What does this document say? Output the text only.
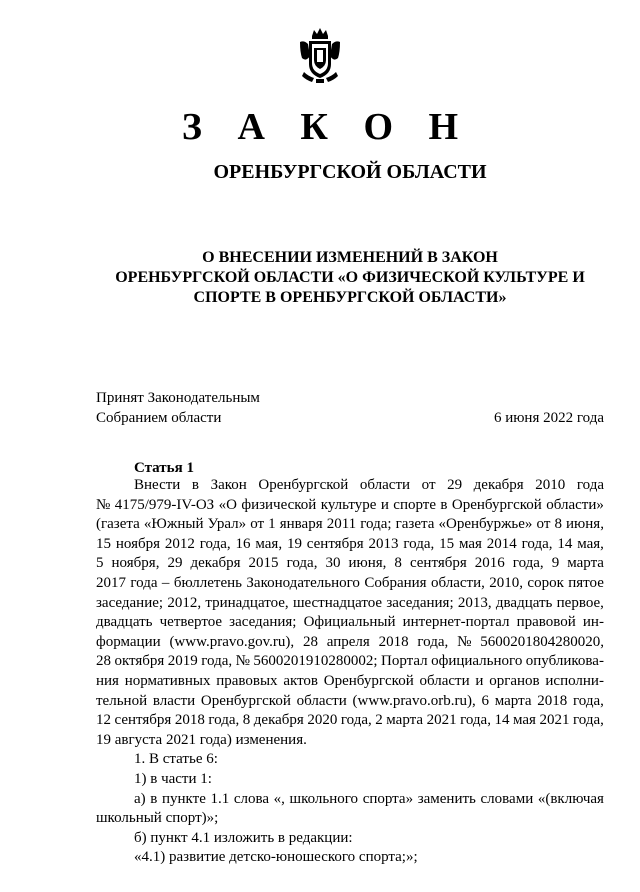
З А К О Н
ОРЕНБУРГСКОЙ ОБЛАСТИ
О ВНЕСЕНИИ ИЗМЕНЕНИЙ В ЗАКОН
ОРЕНБУРГСКОЙ ОБЛАСТИ «О ФИЗИЧЕСКОЙ КУЛЬТУРЕ И
СПОРТЕ В ОРЕНБУРГСКОЙ ОБЛАСТИ»
Принят Законодательным
Собранием области	6 июня 2022 года
Статья 1
Внести в Закон Оренбургской области от 29 декабря 2010 года
№ 4175/979-IV-ОЗ «О физической культуре и спорте в Оренбургской области»
(газета «Южный Урал» от 1 января 2011 года; газета «Оренбуржье» от 8 июня,
15 ноября 2012 года, 16 мая, 19 сентября 2013 года, 15 мая 2014 года, 14 мая,
5 ноября, 29 декабря 2015 года, 30 июня, 8 сентября 2016 года, 9 марта
2017 года – бюллетень Законодательного Собрания области, 2010, сорок пятое
заседание; 2012, тринадцатое, шестнадцатое заседания; 2013, двадцать первое,
двадцать четвертое заседания; Официальный интернет-портал правовой ин-
формации (www.pravo.gov.ru), 28 апреля 2018 года, № 5600201804280020,
28 октября 2019 года, № 5600201910280002; Портал официального опубликова-
ния нормативных правовых актов Оренбургской области и органов исполни-
тельной власти Оренбургской области (www.pravo.orb.ru), 6 марта 2018 года,
12 сентября 2018 года, 8 декабря 2020 года, 2 марта 2021 года, 14 мая 2021 года,
19 августа 2021 года) изменения.
1. В статье 6:
1) в части 1:
а) в пункте 1.1 слова «, школьного спорта» заменить словами «(включая
школьный спорт)»;
б) пункт 4.1 изложить в редакции:
«4.1) развитие детско-юношеского спорта;»;
